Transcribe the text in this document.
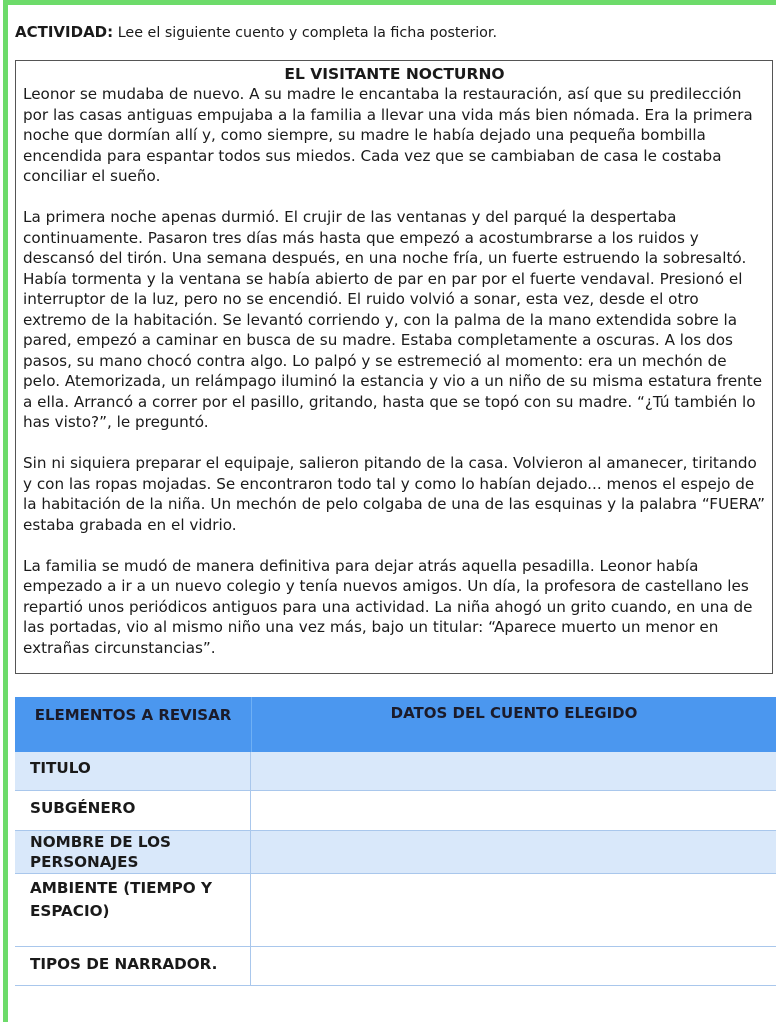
ACTIVIDAD: Lee el siguiente cuento y completa la ficha posterior.
EL VISITANTE NOCTURNO

Leonor se mudaba de nuevo. A su madre le encantaba la restauración, así que su predilección por las casas antiguas empujaba a la familia a llevar una vida más bien nómada. Era la primera noche que dormían allí y, como siempre, su madre le había dejado una pequeña bombilla encendida para espantar todos sus miedos. Cada vez que se cambiaban de casa le costaba conciliar el sueño.

La primera noche apenas durmió. El crujir de las ventanas y del parqué la despertaba continuamente. Pasaron tres días más hasta que empezó a acostumbrarse a los ruidos y descansó del tirón. Una semana después, en una noche fría, un fuerte estruendo la sobresaltó. Había tormenta y la ventana se había abierto de par en par por el fuerte vendaval. Presionó el interruptor de la luz, pero no se encendió. El ruido volvió a sonar, esta vez, desde el otro extremo de la habitación. Se levantó corriendo y, con la palma de la mano extendida sobre la pared, empezó a caminar en busca de su madre. Estaba completamente a oscuras. A los dos pasos, su mano chocó contra algo. Lo palpó y se estremeció al momento: era un mechón de pelo. Atemorizada, un relámpago iluminó la estancia y vio a un niño de su misma estatura frente a ella. Arrancó a correr por el pasillo, gritando, hasta que se topó con su madre. “¿Tú también lo has visto?”, le preguntó.

Sin ni siquiera preparar el equipaje, salieron pitando de la casa. Volvieron al amanecer, tiritando y con las ropas mojadas. Se encontraron todo tal y como lo habían dejado... menos el espejo de la habitación de la niña. Un mechón de pelo colgaba de una de las esquinas y la palabra “FUERA” estaba grabada en el vidrio.

La familia se mudó de manera definitiva para dejar atrás aquella pesadilla. Leonor había empezado a ir a un nuevo colegio y tenía nuevos amigos. Un día, la profesora de castellano les repartió unos periódicos antiguos para una actividad. La niña ahogó un grito cuando, en una de las portadas, vio al mismo niño una vez más, bajo un titular: “Aparece muerto un menor en extrañas circunstancias”.

ELEMENTOS A REVISAR	DATOS DEL CUENTO ELEGIDO
TITULO
SUBGÉNERO
NOMBRE DE LOS PERSONAJES
AMBIENTE (TIEMPO Y ESPACIO)
TIPOS DE NARRADOR.
